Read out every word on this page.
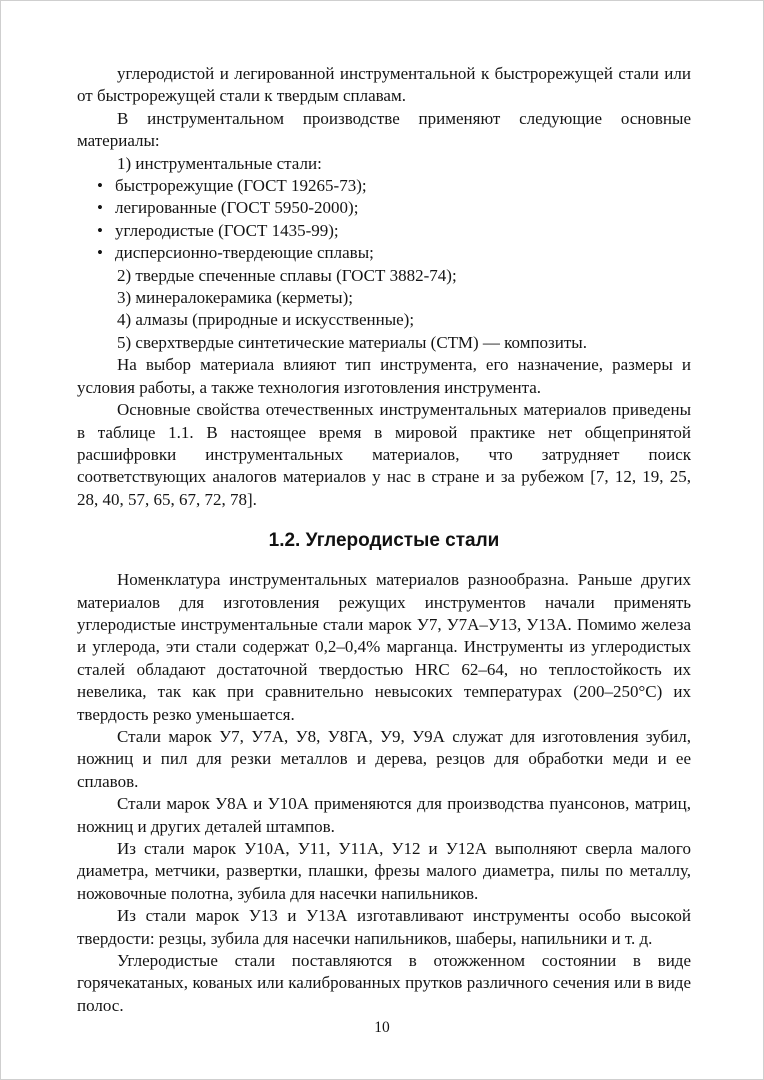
углеродистой и легированной инструментальной к быстрорежущей стали или от быстрорежущей стали к твердым сплавам.

В инструментальном производстве применяют следующие основные материалы:

1) инструментальные стали:

• быстрорежущие (ГОСТ 19265-73);
• легированные (ГОСТ 5950-2000);
• углеродистые (ГОСТ 1435-99);
• дисперсионно-твердеющие сплавы;

2) твердые спеченные сплавы (ГОСТ 3882-74);

3) минералокерамика (керметы);

4) алмазы (природные и искусственные);

5) сверхтвердые синтетические материалы (СТМ) — композиты.

На выбор материала влияют тип инструмента, его назначение, размеры и условия работы, а также технология изготовления инструмента.

Основные свойства отечественных инструментальных материалов приведены в таблице 1.1. В настоящее время в мировой практике нет общепринятой расшифровки инструментальных материалов, что затрудняет поиск соответствующих аналогов материалов у нас в стране и за рубежом [7, 12, 19, 25, 28, 40, 57, 65, 67, 72, 78].

1.2. Углеродистые стали

Номенклатура инструментальных материалов разнообразна. Раньше других материалов для изготовления режущих инструментов начали применять углеродистые инструментальные стали марок У7, У7А–У13, У13А. Помимо железа и углерода, эти стали содержат 0,2–0,4% марганца. Инструменты из углеродистых сталей обладают достаточной твердостью HRC 62–64, но теплостойкость их невелика, так как при сравнительно невысоких температурах (200–250°С) их твердость резко уменьшается.

Стали марок У7, У7А, У8, У8ГА, У9, У9А служат для изготовления зубил, ножниц и пил для резки металлов и дерева, резцов для обработки меди и ее сплавов.

Стали марок У8А и У10А применяются для производства пуансонов, матриц, ножниц и других деталей штампов.

Из стали марок У10А, У11, У11А, У12 и У12А выполняют сверла малого диаметра, метчики, развертки, плашки, фрезы малого диаметра, пилы по металлу, ножовочные полотна, зубила для насечки напильников.

Из стали марок У13 и У13А изготавливают инструменты особо высокой твердости: резцы, зубила для насечки напильников, шаберы, напильники и т. д.

Углеродистые стали поставляются в отожженном состоянии в виде горячекатаных, кованых или калиброванных прутков различного сечения или в виде полос.

10
